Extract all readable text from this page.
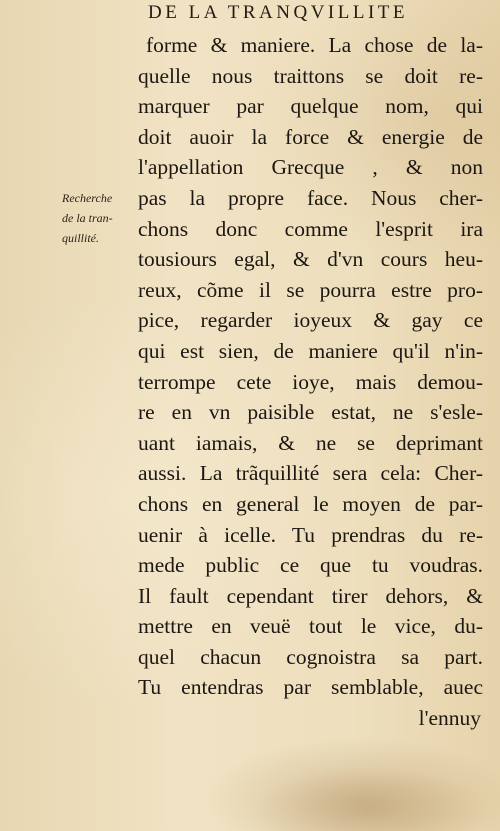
DE LA TRANQVILLITE
Recherche
de la tran-
quillité.
forme & maniere. La chose de la-
quelle nous traittons se doit re-
marquer par quelque nom, qui
doit auoir la force & energie de
l'appellation Grecque , & non
pas la propre face. Nous cher-
chons donc comme l'esprit ira
tousiours egal, & d'vn cours heu-
reux, cõme il se pourra estre pro-
pice, regarder ioyeux & gay ce
qui est sien, de maniere qu'il n'in-
terrompe cete ioye, mais demou-
re en vn paisible estat, ne s'esle-
uant iamais, & ne se deprimant
aussi. La trãquillité sera cela: Cher-
chons en general le moyen de par-
uenir à icelle. Tu prendras du re-
mede public ce que tu voudras.
Il fault cependant tirer dehors, &
mettre en veuë tout le vice, du-
quel chacun cognoistra sa part.
Tu entendras par semblable, auec
l'ennuy
